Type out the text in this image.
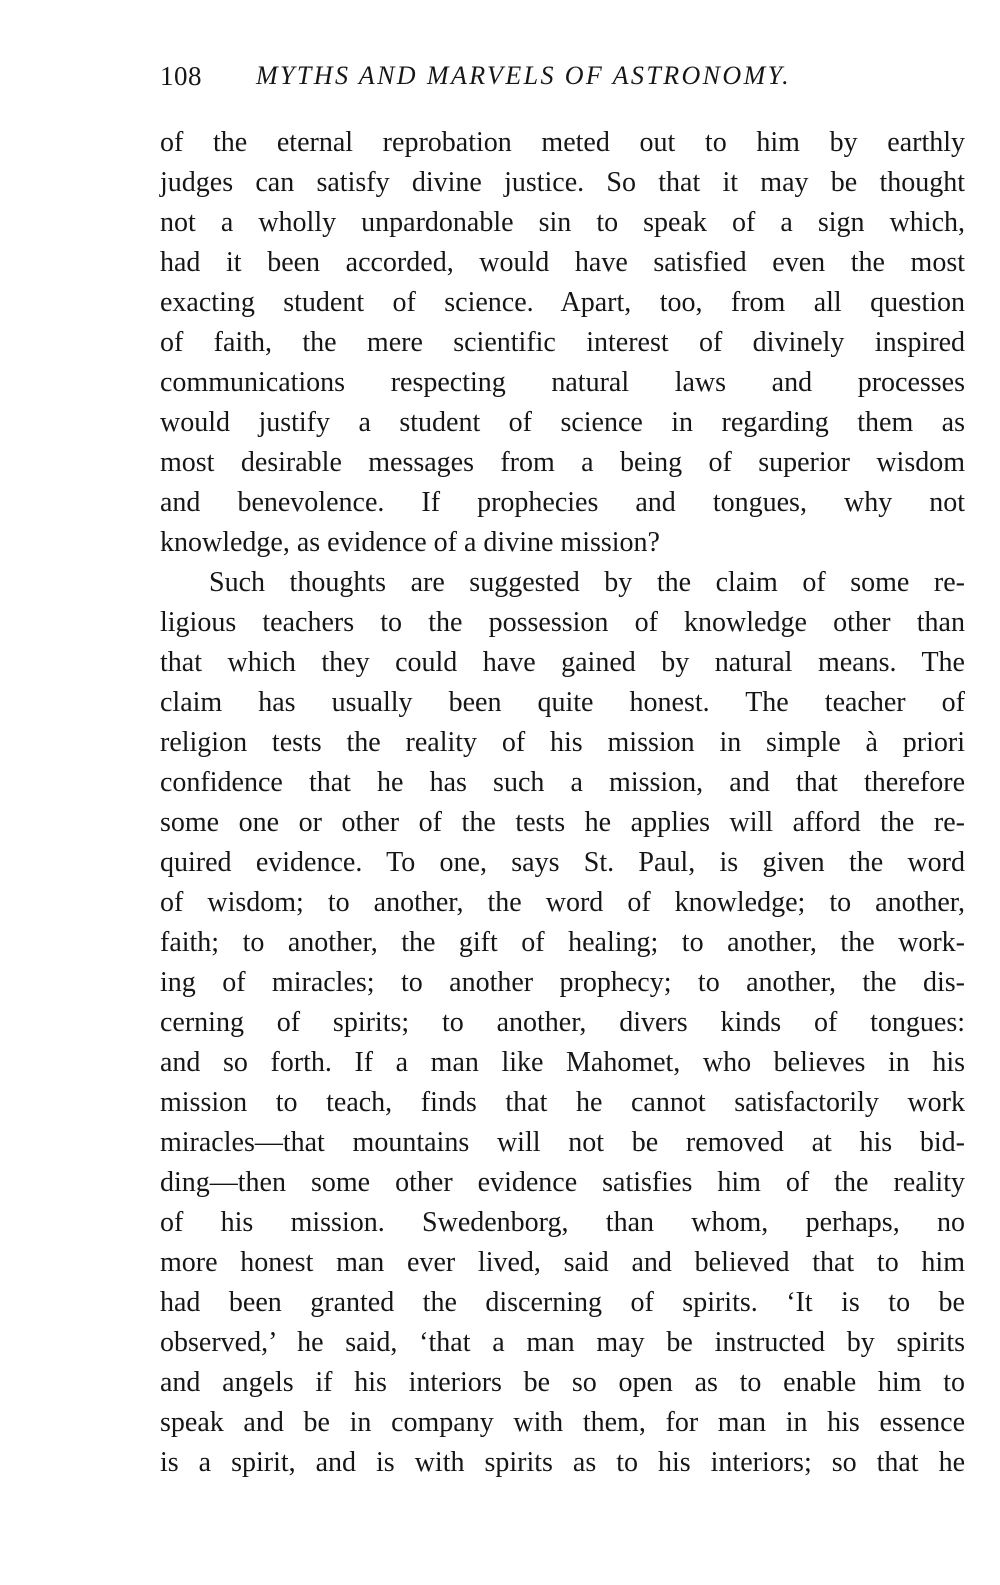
108 MYTHS AND MARVELS OF ASTRONOMY.
of the eternal reprobation meted out to him by earthly
judges can satisfy divine justice. So that it may be thought
not a wholly unpardonable sin to speak of a sign which,
had it been accorded, would have satisfied even the most
exacting student of science. Apart, too, from all question
of faith, the mere scientific interest of divinely inspired
communications respecting natural laws and processes
would justify a student of science in regarding them as
most desirable messages from a being of superior wisdom
and benevolence. If prophecies and tongues, why not
knowledge, as evidence of a divine mission?
Such thoughts are suggested by the claim of some re-
ligious teachers to the possession of knowledge other than
that which they could have gained by natural means. The
claim has usually been quite honest. The teacher of
religion tests the reality of his mission in simple à priori
confidence that he has such a mission, and that therefore
some one or other of the tests he applies will afford the re-
quired evidence. To one, says St. Paul, is given the word
of wisdom; to another, the word of knowledge; to another,
faith; to another, the gift of healing; to another, the work-
ing of miracles; to another prophecy; to another, the dis-
cerning of spirits; to another, divers kinds of tongues:
and so forth. If a man like Mahomet, who believes in his
mission to teach, finds that he cannot satisfactorily work
miracles—that mountains will not be removed at his bid-
ding—then some other evidence satisfies him of the reality
of his mission. Swedenborg, than whom, perhaps, no
more honest man ever lived, said and believed that to him
had been granted the discerning of spirits. ‘It is to be
observed,’ he said, ‘that a man may be instructed by spirits
and angels if his interiors be so open as to enable him to
speak and be in company with them, for man in his essence
is a spirit, and is with spirits as to his interiors; so that he
